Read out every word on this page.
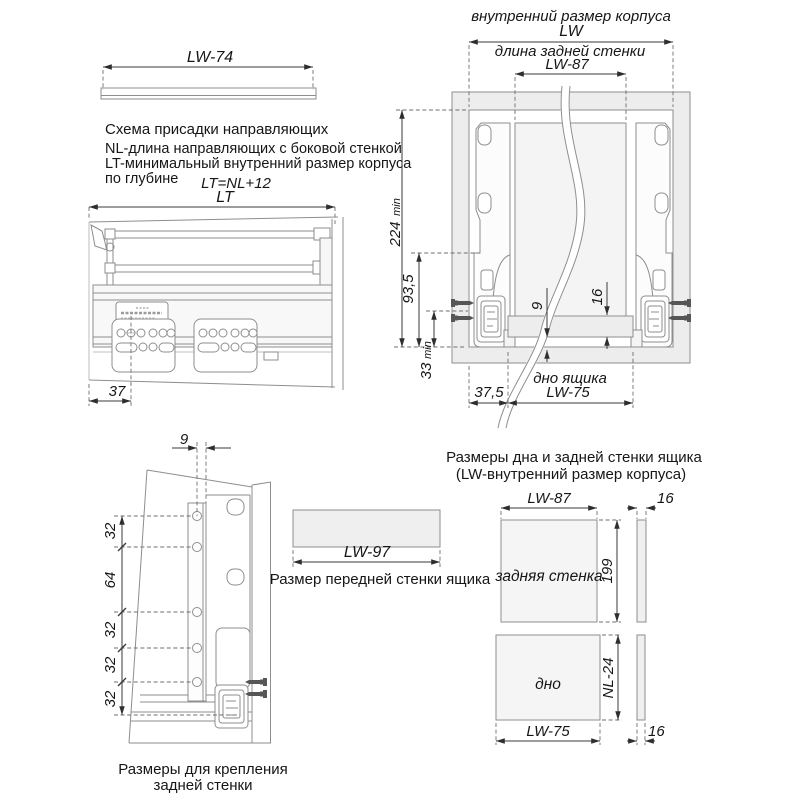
LW-74
Схема присадки направляющих
NL-длина направляющих с боковой стенкой
LT-минимальный внутренний размер корпуса
по глубине LT=NL+12
LT
37
внутренний размер корпуса
LW
длина задней стенки
LW-87
224
min
93,5
33
min
9
16
37,5
дно ящика
LW-75
9
32
64
32
32
32
Размеры для крепления
задней стенки
LW-97
Размер передней стенки ящика
Размеры дна и задней стенки ящика
(LW-внутренний размер корпуса)
LW-87
задняя стенка
199
16
дно	NL-24
LW-75	16
